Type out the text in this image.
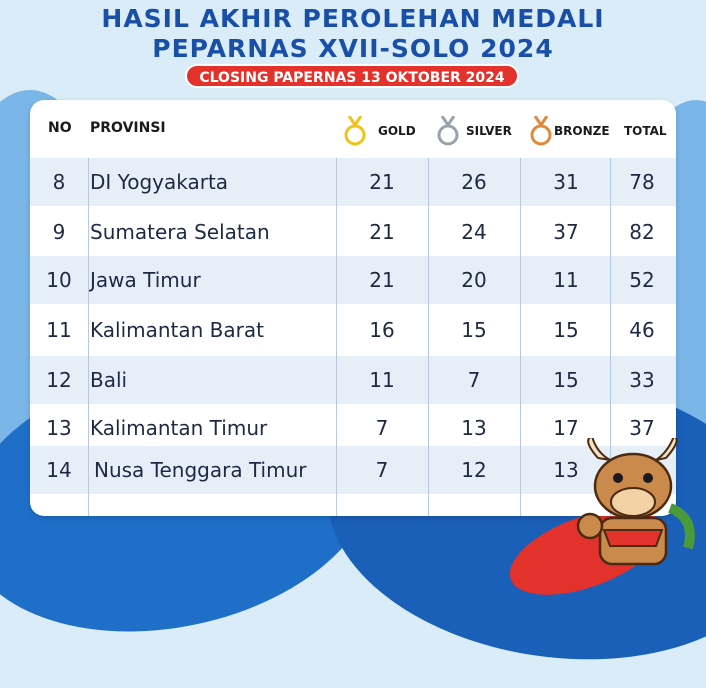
HASIL AKHIR PEROLEHAN MEDALI
PEPARNAS XVII-SOLO 2024
CLOSING PAPERNAS 13 OKTOBER 2024
NO PROVINSI	GOLD	SILVER	BRONZE TOTAL
8	DI Yogyakarta	21	26	31	78
9	Sumatera Selatan	21	24	37	82
10 Jawa Timur	21	20	11	52
11 Kalimantan Barat	16	15	15	46
12 Bali	11	7	15	33
13 Kalimantan Timur	7	13	17	37
14	Nusa Tenggara Timur	7	12	13
